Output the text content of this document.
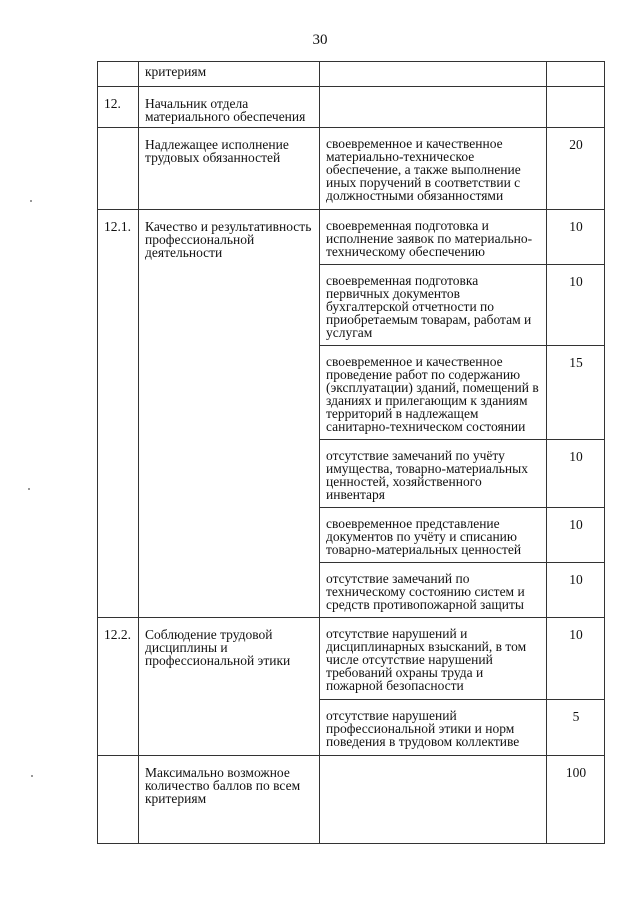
30
	критериям		
12.	Начальник отдела материального обеспечения		
	Надлежащее исполнение трудовых обязанностей	своевременное и качественное материально-техническое обеспечение, а также выполнение иных поручений в соответствии с должностными обязанностями	20
12.1.	Качество и результативность профессиональной деятельности	своевременная подготовка и исполнение заявок по материально-техническому обеспечению	10
		своевременная подготовка первичных документов бухгалтерской отчетности по приобретаемым товарам, работам и услугам	10
		своевременное и качественное проведение работ по содержанию (эксплуатации) зданий, помещений в зданиях и прилегающим к зданиям территорий в надлежащем санитарно-техническом состоянии	15
		отсутствие замечаний по учёту имущества, товарно-материальных ценностей, хозяйственного инвентаря	10
		своевременное представление документов по учёту и списанию товарно-материальных ценностей	10
		отсутствие замечаний по техническому состоянию систем и средств противопожарной защиты	10
12.2.	Соблюдение трудовой дисциплины и профессиональной этики	отсутствие нарушений и дисциплинарных взысканий, в том числе отсутствие нарушений требований охраны труда и пожарной безопасности	10
		отсутствие нарушений профессиональной этики и норм поведения в трудовом коллективе	5
	Максимально возможное количество баллов по всем критериям		100
